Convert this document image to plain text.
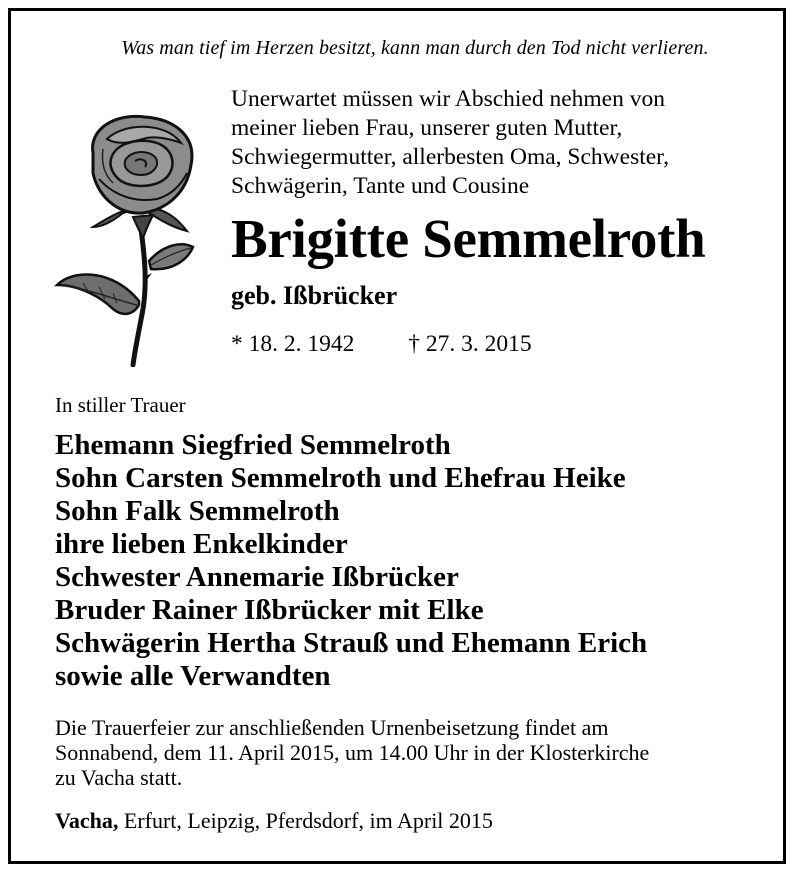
Was man tief im Herzen besitzt, kann man durch den Tod nicht verlieren.
Unerwartet müssen wir Abschied nehmen von
meiner lieben Frau, unserer guten Mutter,
Schwiegermutter, allerbesten Oma, Schwester,
Schwägerin, Tante und Cousine
Brigitte Semmelroth
geb. Ißbrücker
* 18. 2. 1942 † 27. 3. 2015
In stiller Trauer
Ehemann Siegfried Semmelroth
Sohn Carsten Semmelroth und Ehefrau Heike
Sohn Falk Semmelroth
ihre lieben Enkelkinder
Schwester Annemarie Ißbrücker
Bruder Rainer Ißbrücker mit Elke
Schwägerin Hertha Strauß und Ehemann Erich
sowie alle Verwandten
Die Trauerfeier zur anschließenden Urnenbeisetzung findet am
Sonnabend, dem 11. April 2015, um 14.00 Uhr in der Klosterkirche
zu Vacha statt.
Vacha, Erfurt, Leipzig, Pferdsdorf, im April 2015
